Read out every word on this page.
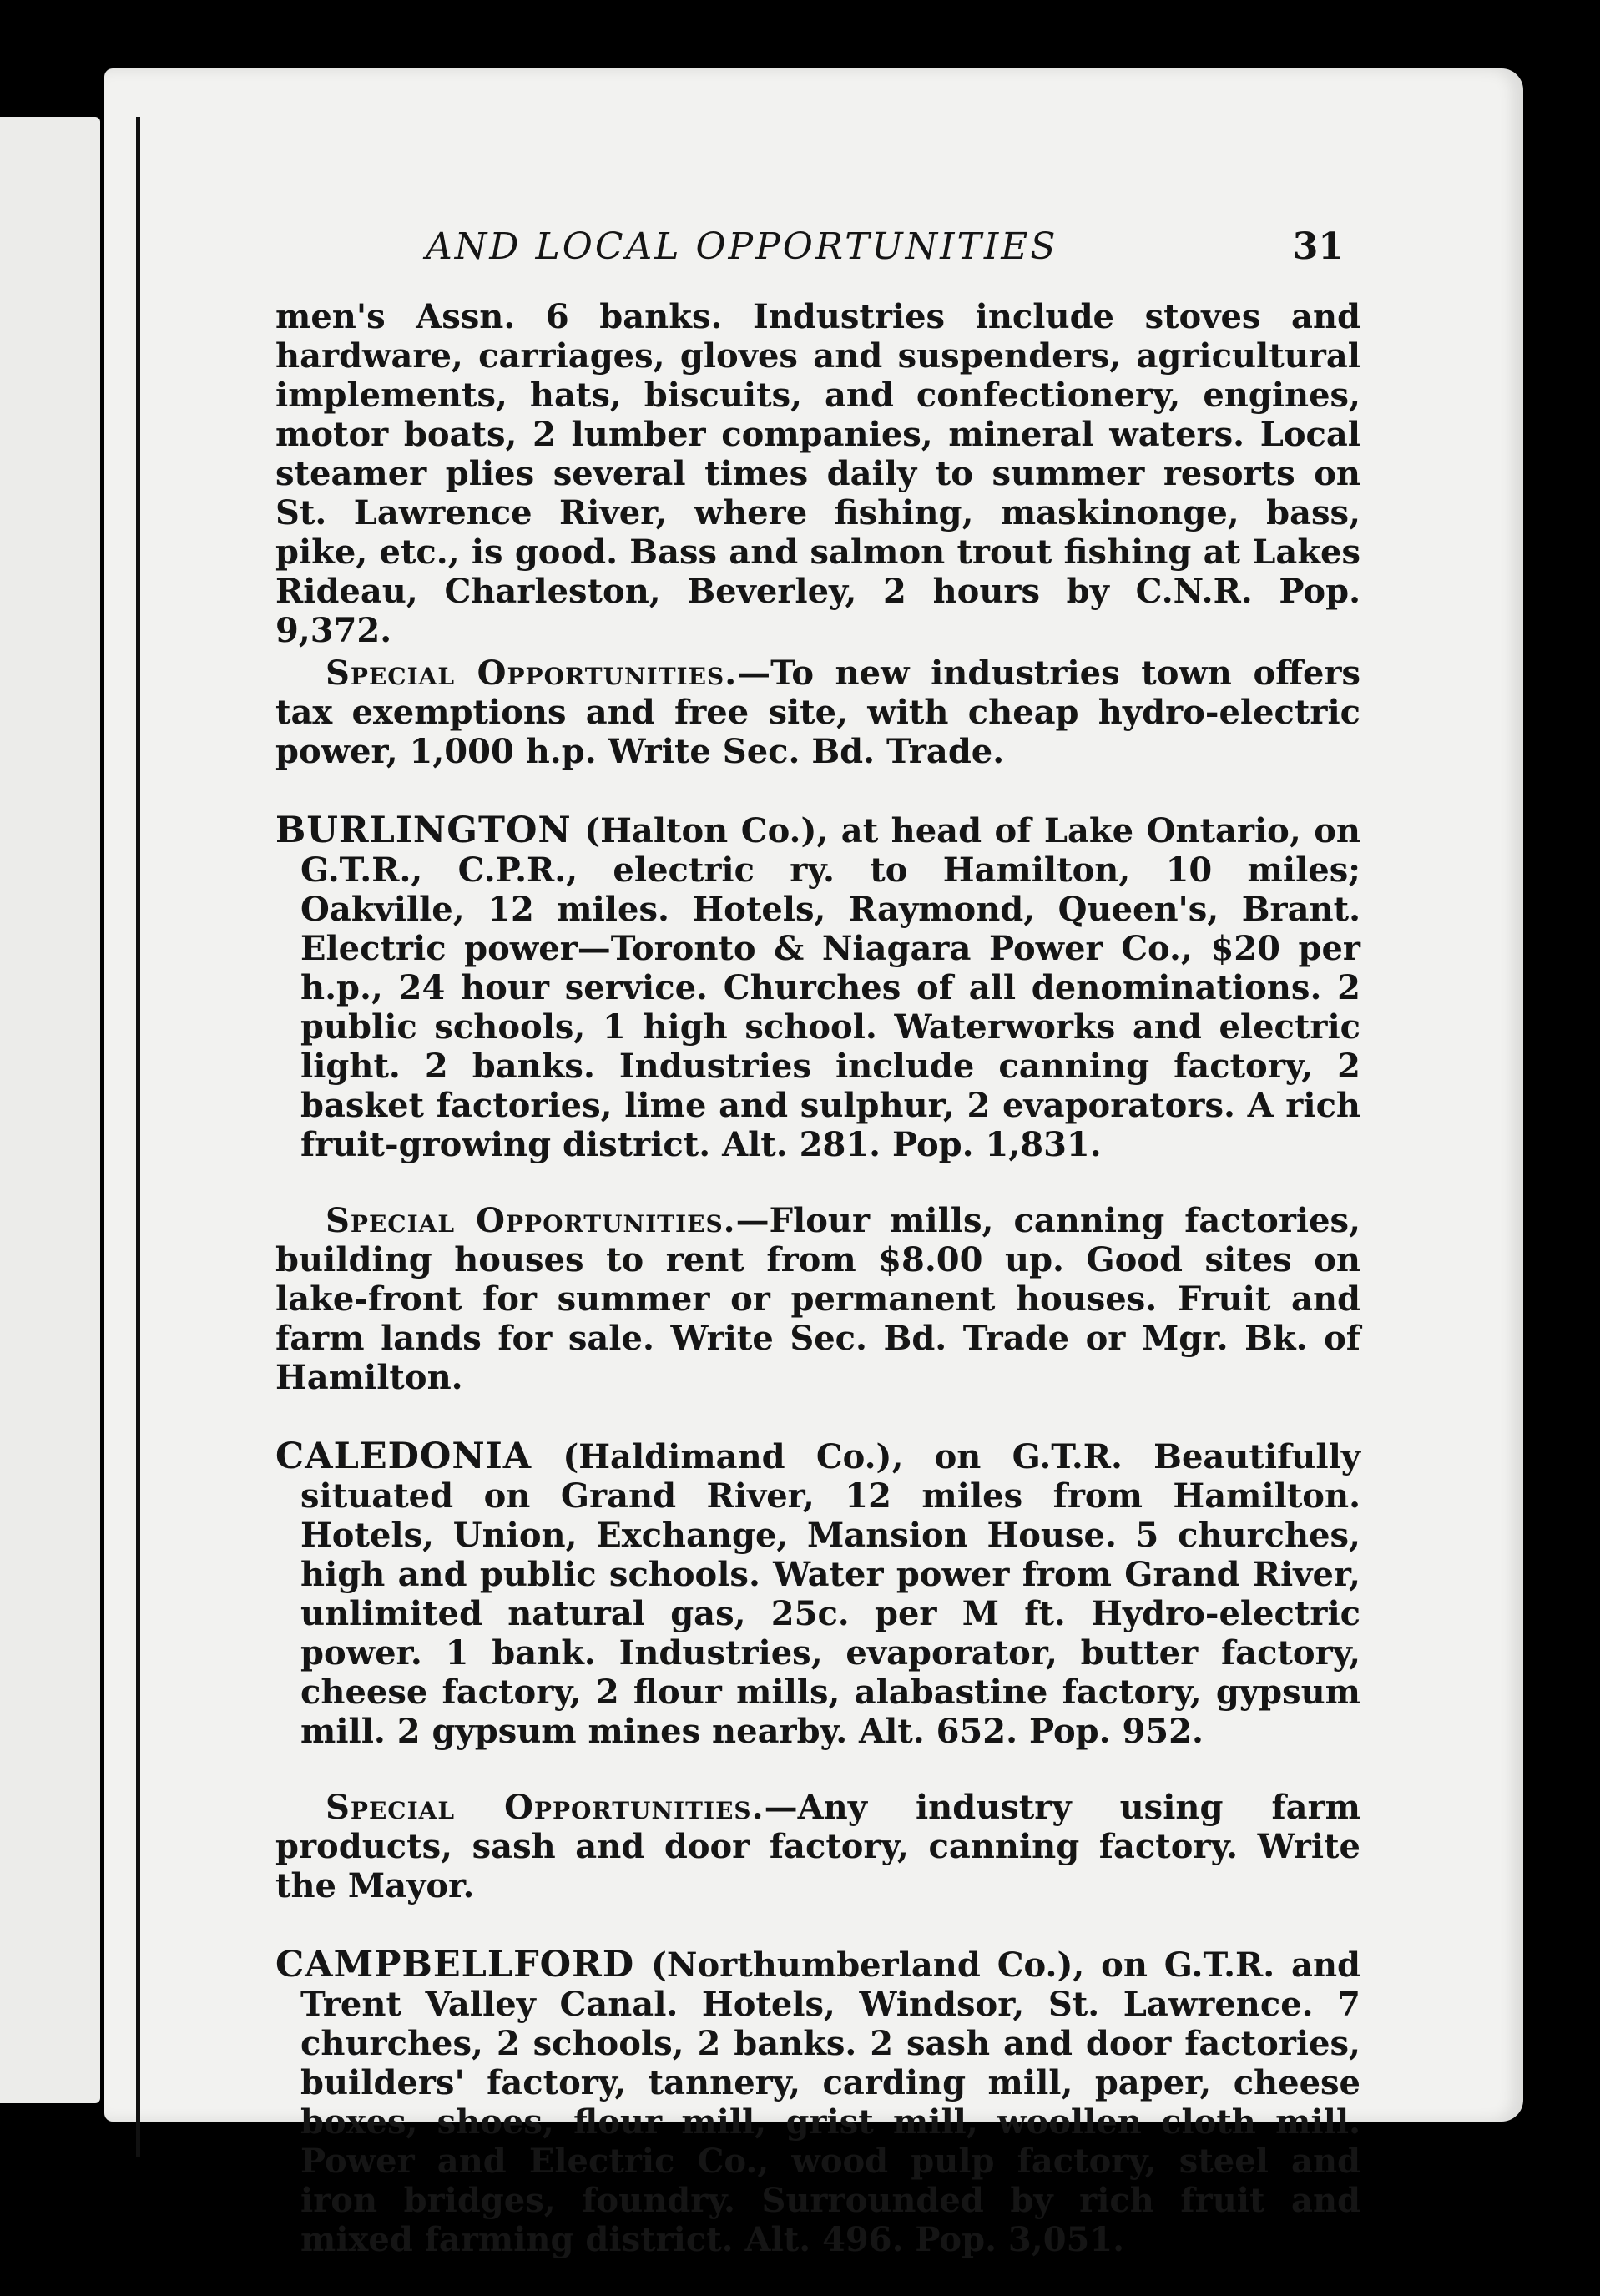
AND LOCAL OPPORTUNITIES	31

men's Assn. 6 banks. Industries include stoves and hardware, carriages, gloves and suspenders, agricultural implements, hats, biscuits, and confectionery, engines, motor boats, 2 lumber companies, mineral waters. Local steamer plies several times daily to summer resorts on St. Lawrence River, where fishing, maskinonge, bass, pike, etc., is good. Bass and salmon trout fishing at Lakes Rideau, Charleston, Beverley, 2 hours by C.N.R. Pop. 9,372.

Special Opportunities.—To new industries town offers tax exemptions and free site, with cheap hydro-electric power, 1,000 h.p. Write Sec. Bd. Trade.

BURLINGTON (Halton Co.), at head of Lake Ontario, on G.T.R., C.P.R., electric ry. to Hamilton, 10 miles; Oakville, 12 miles. Hotels, Raymond, Queen's, Brant. Electric power—Toronto & Niagara Power Co., $20 per h.p., 24 hour service. Churches of all denominations. 2 public schools, 1 high school. Waterworks and electric light. 2 banks. Industries include canning factory, 2 basket factories, lime and sulphur, 2 evaporators. A rich fruit-growing district. Alt. 281. Pop. 1,831.

Special Opportunities.—Flour mills, canning factories, building houses to rent from $8.00 up. Good sites on lake-front for summer or permanent houses. Fruit and farm lands for sale. Write Sec. Bd. Trade or Mgr. Bk. of Hamilton.

CALEDONIA (Haldimand Co.), on G.T.R. Beautifully situated on Grand River, 12 miles from Hamilton. Hotels, Union, Exchange, Mansion House. 5 churches, high and public schools. Water power from Grand River, unlimited natural gas, 25c. per M ft. Hydro-electric power. 1 bank. Industries, evaporator, butter factory, cheese factory, 2 flour mills, alabastine factory, gypsum mill. 2 gypsum mines nearby. Alt. 652. Pop. 952.

Special Opportunities.—Any industry using farm products, sash and door factory, canning factory. Write the Mayor.

CAMPBELLFORD (Northumberland Co.), on G.T.R. and Trent Valley Canal. Hotels, Windsor, St. Lawrence. 7 churches, 2 schools, 2 banks. 2 sash and door factories, builders' factory, tannery, carding mill, paper, cheese boxes, shoes, flour mill, grist mill, woollen cloth mill. Power and Electric Co., wood pulp factory, steel and iron bridges, foundry. Surrounded by rich fruit and mixed farming district. Alt. 496. Pop. 3,051.
